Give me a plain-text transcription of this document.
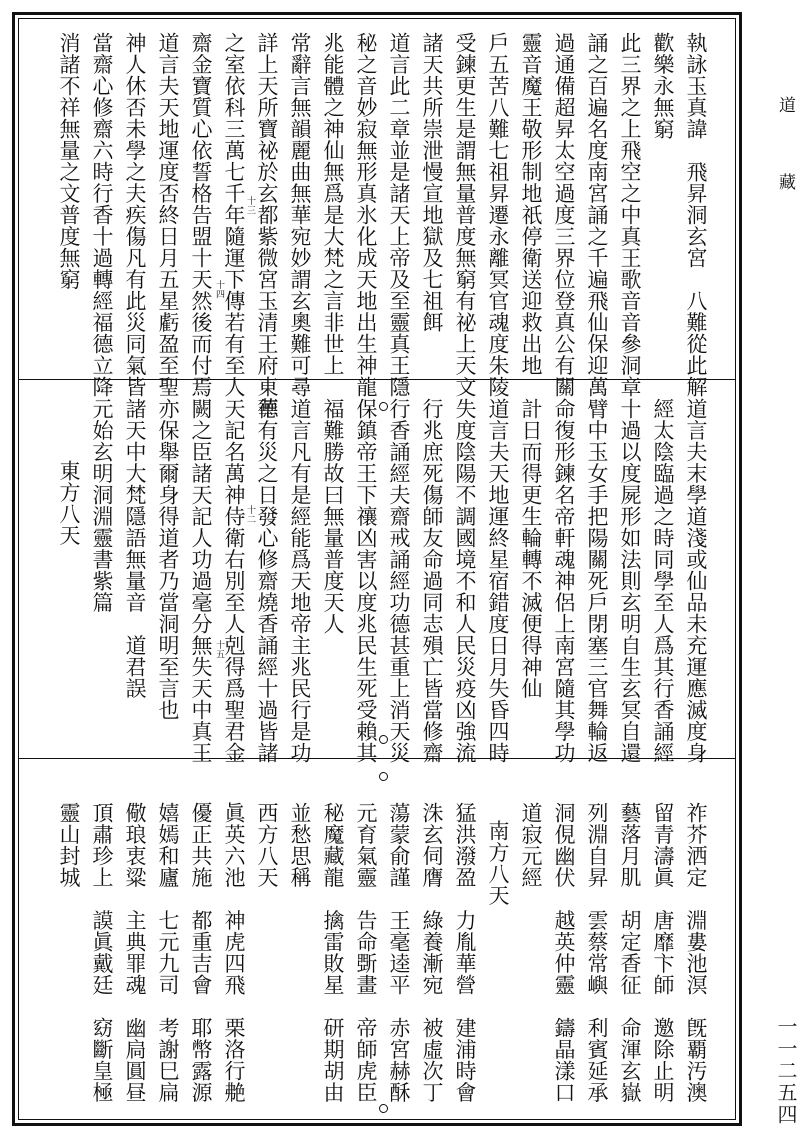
道藏
一一二五四
執詠玉真諱　飛昇洞玄宮　八難從此解
歡樂永無窮
此三界之上飛空之中真王歌音音參洞章
誦之百遍名度南宮誦之千遍飛仙保迎萬
過通備超昇太空過度三界位登真公有關
靈音魔王敬形制地祇停衛送迎救出地
戶五苦八難七祖昇遷永離冥官魂度朱陵
受鍊更生是謂無量普度無窮有祕上天文
諸天共所崇泄慢宣地獄及七祖餌
道言此二章並是諸天上帝及至靈真王隱
秘之音妙寂無形真氷化成天地出生神龍
兆能體之神仙無爲是大梵之言非世上
常辭言無韻麗曲無華宛妙謂玄奧難可尋
詳上天所寶祕於玄都紫微宮玉清王府東華
之室依科三萬七千年隨運下傳若有至人
齋金寶質心依誓格告盟十天然後而付焉
道言夫天地運度否終日月五星虧盈至聖
神人休否未學之夫疾傷凡有此災同氣皆
當齋心修齋六時行香十過轉經福德立降
消諸不祥無量之文普度無窮
道言夫末學道淺或仙品未充運應滅度身
經太陰臨過之時同學至人爲其行香誦經
十過以度屍形如法則玄明自生玄冥自還
臂中玉女手把陽關死戶閉塞三官舞輪返
命復形鍊名帝軒魂神侶上南宮隨其學功
計日而得更生輪轉不滅便得神仙
道言夫天地運終星宿錯度日月失昏四時
失度陰陽不調國境不和人民災疫凶強流
行兆庶死傷師友命過同志殞亡皆當修齋
行香誦經夫齋戒誦經功德甚重上消天災
保鎮帝王下禳凶害以度兆民生死受賴其
福難勝故曰無量普度天人
道言凡有是經能爲天地帝主兆民行是功
德有災之日發心修齋燒香誦經十過皆諸
天記名萬神侍衛右別至人剋得爲聖君金
闕之臣諸天記人功過毫分無失天中真王
亦保舉爾身得道者乃當洞明至言也
諸天中大梵隱語無量音　道君誤
元始玄明洞淵靈書紫篇
東方八天
祚芥洒定　淵婁池溟　旣覇汚澳
留青濤眞　唐靡卞師　邀除止明
藝落月肌　胡定香征　命渾玄嶽
列淵自昇　雲蔡常嶼　利賓延承
洞俔幽伏　越英仲靈　鑄晶漾口
道寂元經
南方八天
猛洪潑盈　力胤華營　建浦時會
洙玄伺膺　綠養漸宛　被虛次丁
蕩蒙俞謹　王毫逵平　赤宮赫酥
元育氣靈　告命斲畫　帝師虎臣
秘魔藏龍　擒雷敗星　研期胡由
並愁思稱
西方八天
眞英六池　神虎四飛　栗洛行艴
優正共施　都重吉會　耶幣露源
嬉嫣和廬　七元九司　考謝巳扁
儆琅衷粱　主典罪魂　幽扃圓昼
頂肅珍上　謨眞戴廷　窈斷皇極
靈山封城
十四
十三
十二
十五
